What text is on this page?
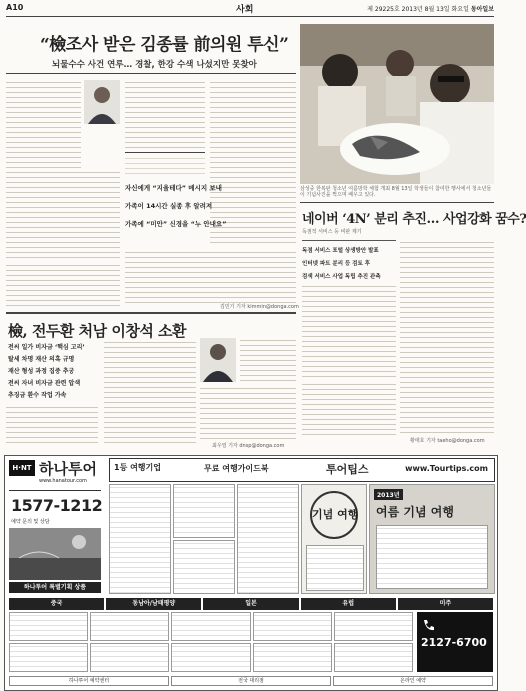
A10	사회	제 29225호 2013년 8월 13일 화요일 동아일보
“檢조사 받은 김종률 前의원 투신”
뇌물수수 사건 연루… 경찰, 한강 수색 나섰지만 못찾아
자신에게 “지울테다” 메시지 보내
가족이 14시간 실종 후 알려져
가족에 “미안” 신경을 “누 안내요”
김민기 기자 kimmin@donga.com
삼성중 한복판 청소년 여름방학 체험 개최 8월 13일 학생들이 참여한 행사에서 청소년들이 기념사진을 찍으며 배우고 있다.
네이버 ‘4N’ 분리 추진… 사업강화 꿈수?
독점적 서비스 등 비판 제기
독점 서비스 포털 상생방안 발표
인터넷 파트 분리 등 검토 후
검색 서비스 사업 독립 추진 관측
황태호 기자 taeho@donga.com
檢, 전두환 처남 이창석 소환
전씨 일가 비자금 ‘핵심 고리’
탈세 차명 재산 의혹 규명
재산 형성 과정 집중 추궁
전씨 자녀 비자금 관련 압색
추징금 환수 작업 가속
최우열 기자 dnsp@donga.com
H·NT 하나투어
www.hanatour.com
1577-1212
예약 문의 및 상담
하나투어 특별기획 상품
1등 여행기업	무료 여행가이드북	투어팁스	www.Tourtips.com
기념 여행
2013년
여름 기념 여행
중국	동남아/남태평양	일본	유럽	미주
2127-6700
하나투어 예약센터	전국 대리점	온라인 예약
